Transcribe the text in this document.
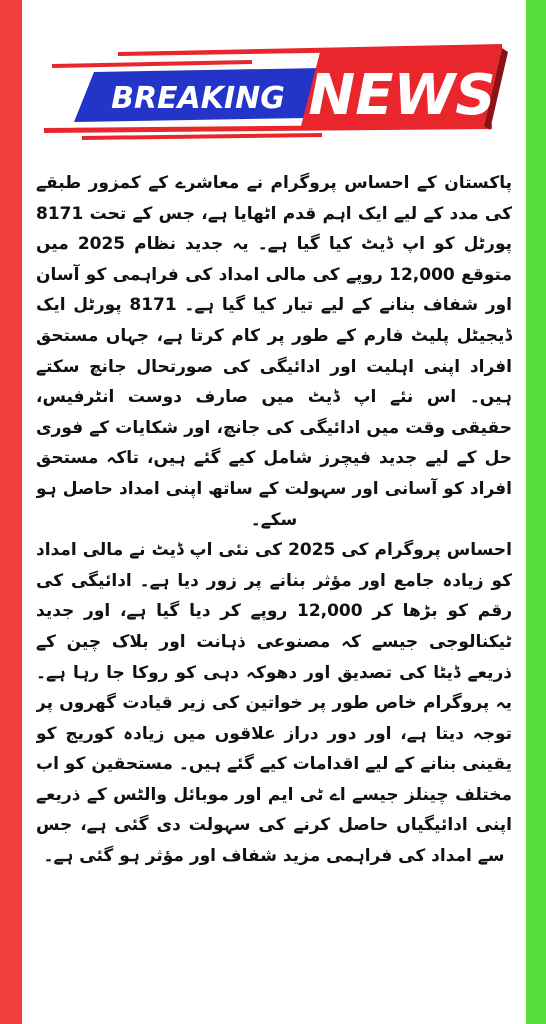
BREAKING NEWS

پاکستان کے احساس پروگرام نے معاشرے کے کمزور طبقے کی مدد کے لیے ایک اہم قدم اٹھایا ہے، جس کے تحت 8171 پورٹل کو اپ ڈیٹ کیا گیا ہے۔ یہ جدید نظام 2025 میں متوقع 12,000 روپے کی مالی امداد کی فراہمی کو آسان اور شفاف بنانے کے لیے تیار کیا گیا ہے۔ 8171 پورٹل ایک ڈیجیٹل پلیٹ فارم کے طور پر کام کرتا ہے، جہاں مستحق افراد اپنی اہلیت اور ادائیگی کی صورتحال جانچ سکتے ہیں۔ اس نئے اپ ڈیٹ میں صارف دوست انٹرفیس، حقیقی وقت میں ادائیگی کی جانچ، اور شکایات کے فوری حل کے لیے جدید فیچرز شامل کیے گئے ہیں، تاکہ مستحق افراد کو آسانی اور سہولت کے ساتھ اپنی امداد حاصل ہو سکے۔

احساس پروگرام کی 2025 کی نئی اپ ڈیٹ نے مالی امداد کو زیادہ جامع اور مؤثر بنانے پر زور دیا ہے۔ ادائیگی کی رقم کو بڑھا کر 12,000 روپے کر دیا گیا ہے، اور جدید ٹیکنالوجی جیسے کہ مصنوعی ذہانت اور بلاک چین کے ذریعے ڈیٹا کی تصدیق اور دھوکہ دہی کو روکا جا رہا ہے۔ یہ پروگرام خاص طور پر خواتین کی زیر قیادت گھروں پر توجہ دیتا ہے، اور دور دراز علاقوں میں زیادہ کوریج کو یقینی بنانے کے لیے اقدامات کیے گئے ہیں۔ مستحقین کو اب مختلف چینلز جیسے اے ٹی ایم اور موبائل والٹس کے ذریعے اپنی ادائیگیاں حاصل کرنے کی سہولت دی گئی ہے، جس سے امداد کی فراہمی مزید شفاف اور مؤثر ہو گئی ہے۔
